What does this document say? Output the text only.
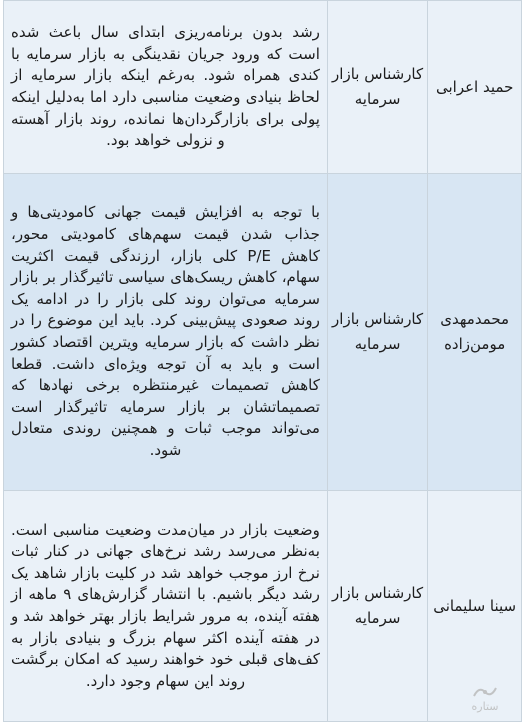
حمید اعرابی	کارشناس بازار سرمایه	رشد بدون برنامه‌ریزی ابتدای سال باعث شده است که ورود جریان نقدینگی به بازار سرمایه با کندی همراه شود. به‌رغم اینکه بازار سرمایه از لحاظ بنیادی وضعیت مناسبی دارد اما به‌دلیل اینکه پولی برای بازارگردان‌ها نمانده، روند بازار آهسته و نزولی خواهد بود.
محمدمهدی مومن‌زاده	کارشناس بازار سرمایه	با توجه به افزایش قیمت جهانی کامودیتی‌ها و جذاب شدن قیمت سهم‌های کامودیتی محور، کاهش P/E کلی بازار، ارزندگی قیمت اکثریت سهام، کاهش ریسک‌های سیاسی تاثیرگذار بر بازار سرمایه می‌توان روند کلی بازار را در ادامه یک روند صعودی پیش‌بینی کرد. باید این موضوع را در نظر داشت که بازار سرمایه ویترین اقتصاد کشور است و باید به آن توجه ویژه‌ای داشت. قطعا کاهش تصمیمات غیرمنتظره برخی نهادها که تصمیماتشان بر بازار سرمایه تاثیرگذار است می‌تواند موجب ثبات و همچنین روندی متعادل شود.
سینا سلیمانی	کارشناس بازار سرمایه	وضعیت بازار در میان‌مدت وضعیت مناسبی است. به‌نظر می‌رسد رشد نرخ‌های جهانی در کنار ثبات نرخ ارز موجب خواهد شد در کلیت بازار شاهد یک رشد دیگر باشیم. با انتشار گزارش‌های ۹ ماهه از هفته آینده، به مرور شرایط بازار بهتر خواهد شد و در هفته آینده اکثر سهام بزرگ و بنیادی بازار به کف‌های قبلی خود خواهند رسید که امکان برگشت روند این سهام وجود دارد.
ستاره
